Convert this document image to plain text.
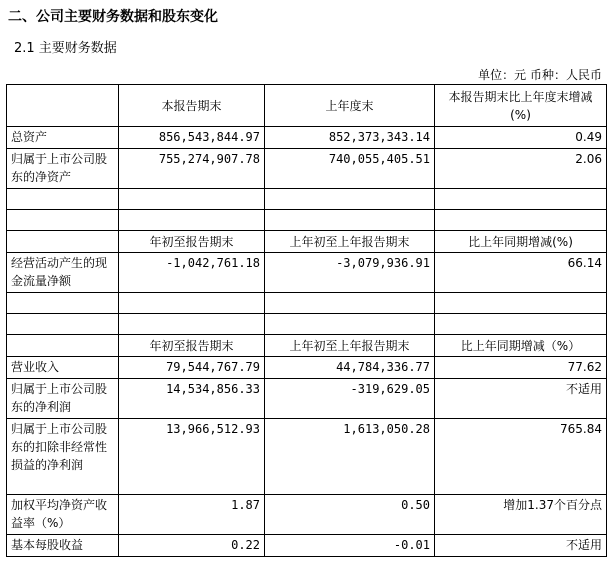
二、公司主要财务数据和股东变化
2.1 主要财务数据
单位：元 币种：人民币
	本报告期末	上年度末	本报告期末比上年度末增减(%)
总资产	856,543,844.97	852,373,343.14	0.49
归属于上市公司股东的净资产	755,274,907.78	740,055,405.51	2.06

	年初至报告期末	上年初至上年报告期末	比上年同期增减(%)
经营活动产生的现金流量净额	-1,042,761.18	-3,079,936.91	66.14

	年初至报告期末	上年初至上年报告期末	比上年同期增减（%）
营业收入	79,544,767.79	44,784,336.77	77.62
归属于上市公司股东的净利润	14,534,856.33	-319,629.05	不适用
归属于上市公司股东的扣除非经常性损益的净利润	13,966,512.93	1,613,050.28	765.84
加权平均净资产收益率（%）	1.87	0.50	增加1.37个百分点
基本每股收益	0.22	-0.01	不适用
